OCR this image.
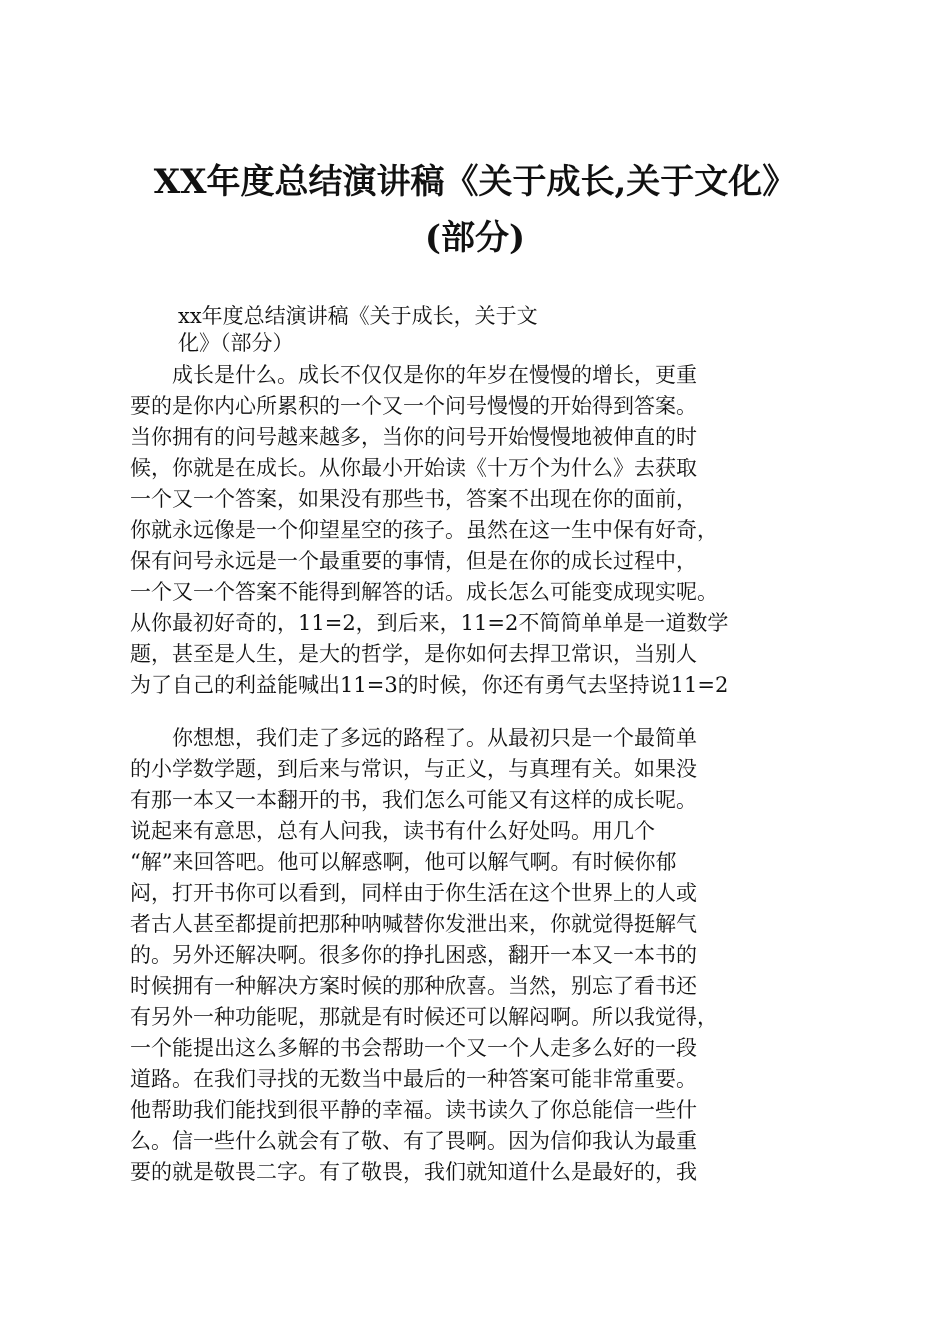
XX年度总结演讲稿《关于成长,关于文化》
(部分)
xx年度总结演讲稿《关于成长，关于文
化》（部分）
　　成长是什么。成长不仅仅是你的年岁在慢慢的增长，更重
要的是你内心所累积的一个又一个问号慢慢的开始得到答案。
当你拥有的问号越来越多，当你的问号开始慢慢地被伸直的时
候，你就是在成长。从你最小开始读《十万个为什么》去获取
一个又一个答案，如果没有那些书，答案不出现在你的面前，
你就永远像是一个仰望星空的孩子。虽然在这一生中保有好奇，
保有问号永远是一个最重要的事情，但是在你的成长过程中，
一个又一个答案不能得到解答的话。成长怎么可能变成现实呢。
从你最初好奇的，11=2，到后来，11=2不简简单单是一道数学
题，甚至是人生，是大的哲学，是你如何去捍卫常识，当别人
为了自己的利益能喊出11=3的时候，你还有勇气去坚持说11=2
　　你想想，我们走了多远的路程了。从最初只是一个最简单
的小学数学题，到后来与常识，与正义，与真理有关。如果没
有那一本又一本翻开的书，我们怎么可能又有这样的成长呢。
说起来有意思，总有人问我，读书有什么好处吗。用几个
“解”来回答吧。他可以解惑啊，他可以解气啊。有时候你郁
闷，打开书你可以看到，同样由于你生活在这个世界上的人或
者古人甚至都提前把那种呐喊替你发泄出来，你就觉得挺解气
的。另外还解决啊。很多你的挣扎困惑，翻开一本又一本书的
时候拥有一种解决方案时候的那种欣喜。当然，别忘了看书还
有另外一种功能呢，那就是有时候还可以解闷啊。所以我觉得，
一个能提出这么多解的书会帮助一个又一个人走多么好的一段
道路。在我们寻找的无数当中最后的一种答案可能非常重要。
他帮助我们能找到很平静的幸福。读书读久了你总能信一些什
么。信一些什么就会有了敬、有了畏啊。因为信仰我认为最重
要的就是敬畏二字。有了敬畏，我们就知道什么是最好的，我
